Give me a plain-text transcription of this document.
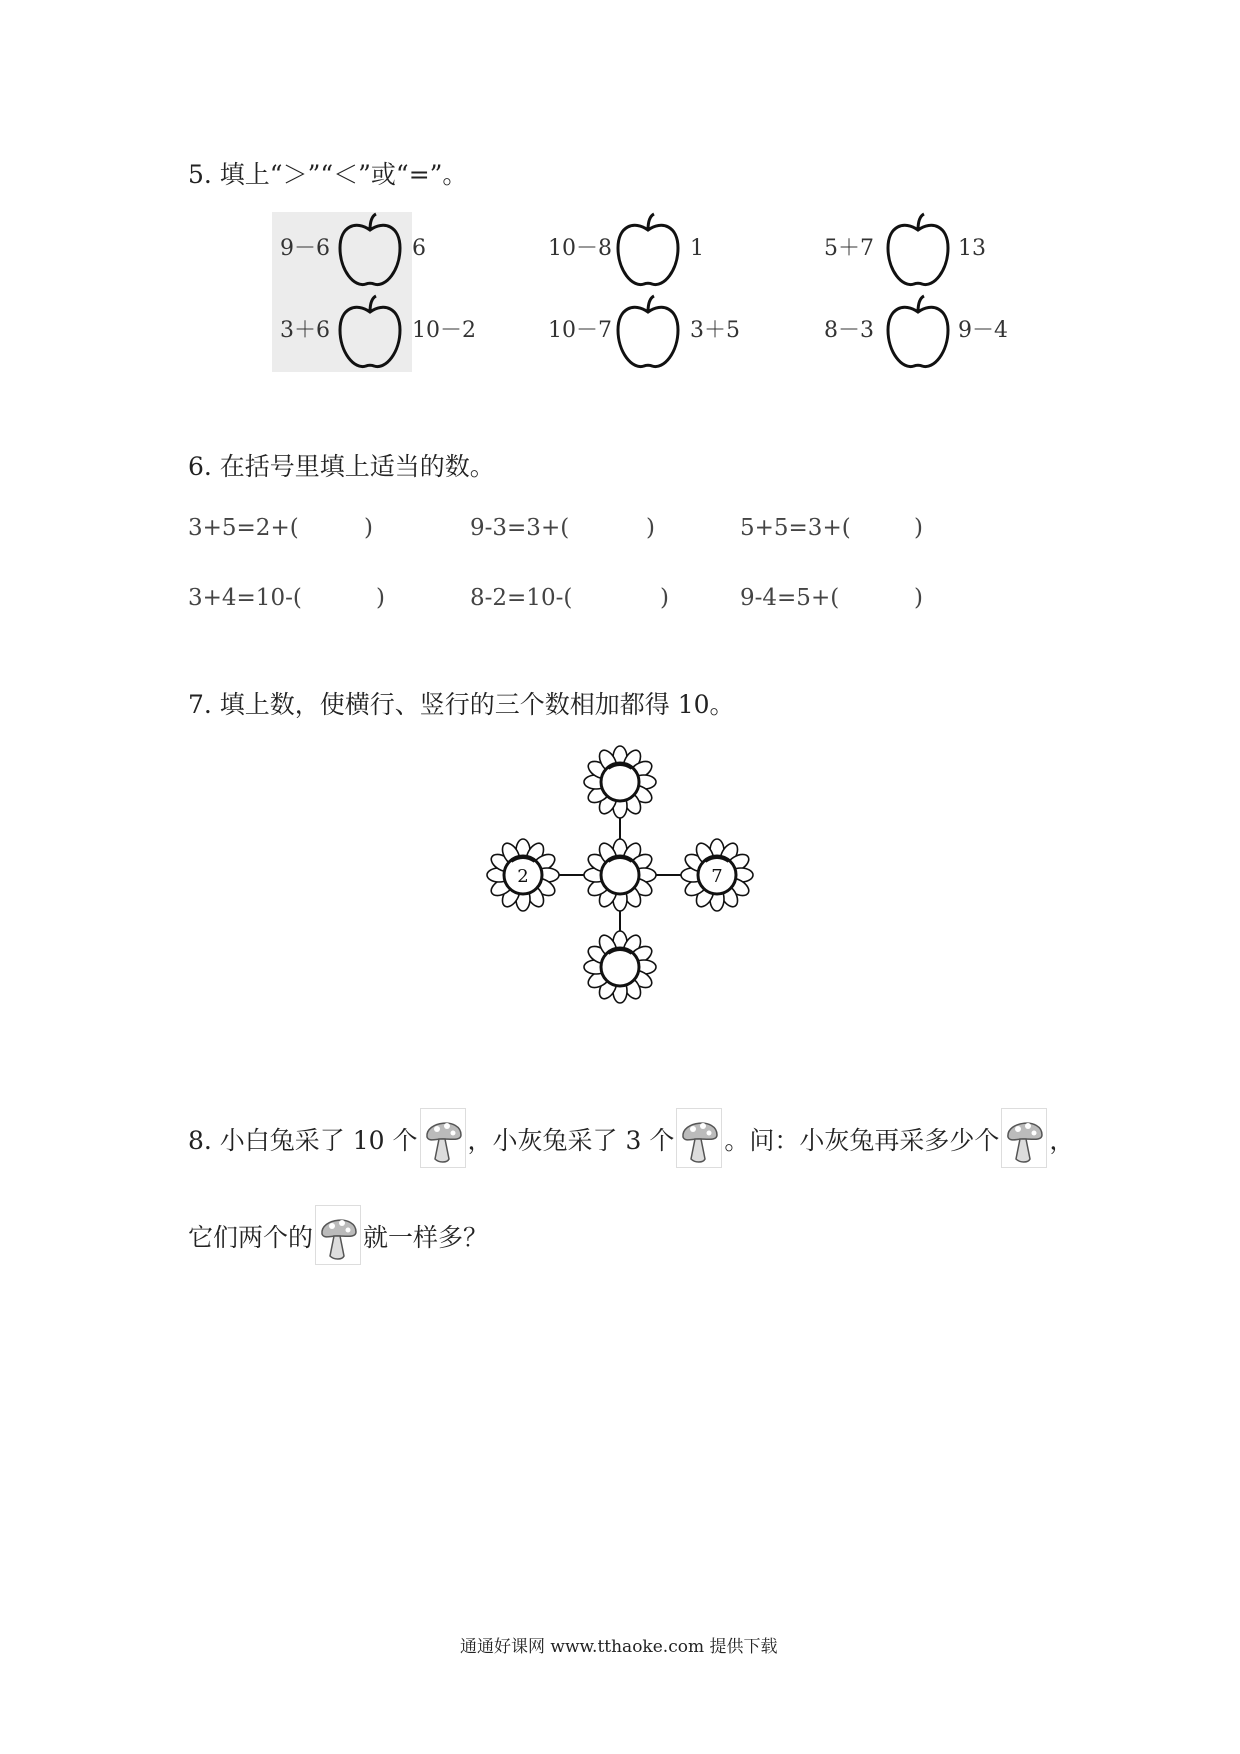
5. 填上“＞”“＜”或“=”。
9－6	6	10－8	1	5＋7	13
3＋6	10－2	10－7	3＋5	8－3	9－4
6. 在括号里填上适当的数。
3+5=2+(	)	9-3=3+(	)	5+5=3+(	)
3+4=10-(	)	8-2=10-(	)	9-4=5+(	)
7. 填上数，使横行、竖行的三个数相加都得 10。
2	7
8. 小白兔采了 10 个 ，小灰兔采了 3 个 。问：小灰兔再采多少个 ，
它们两个的 就一样多？
通通好课网 www.tthaoke.com 提供下载
